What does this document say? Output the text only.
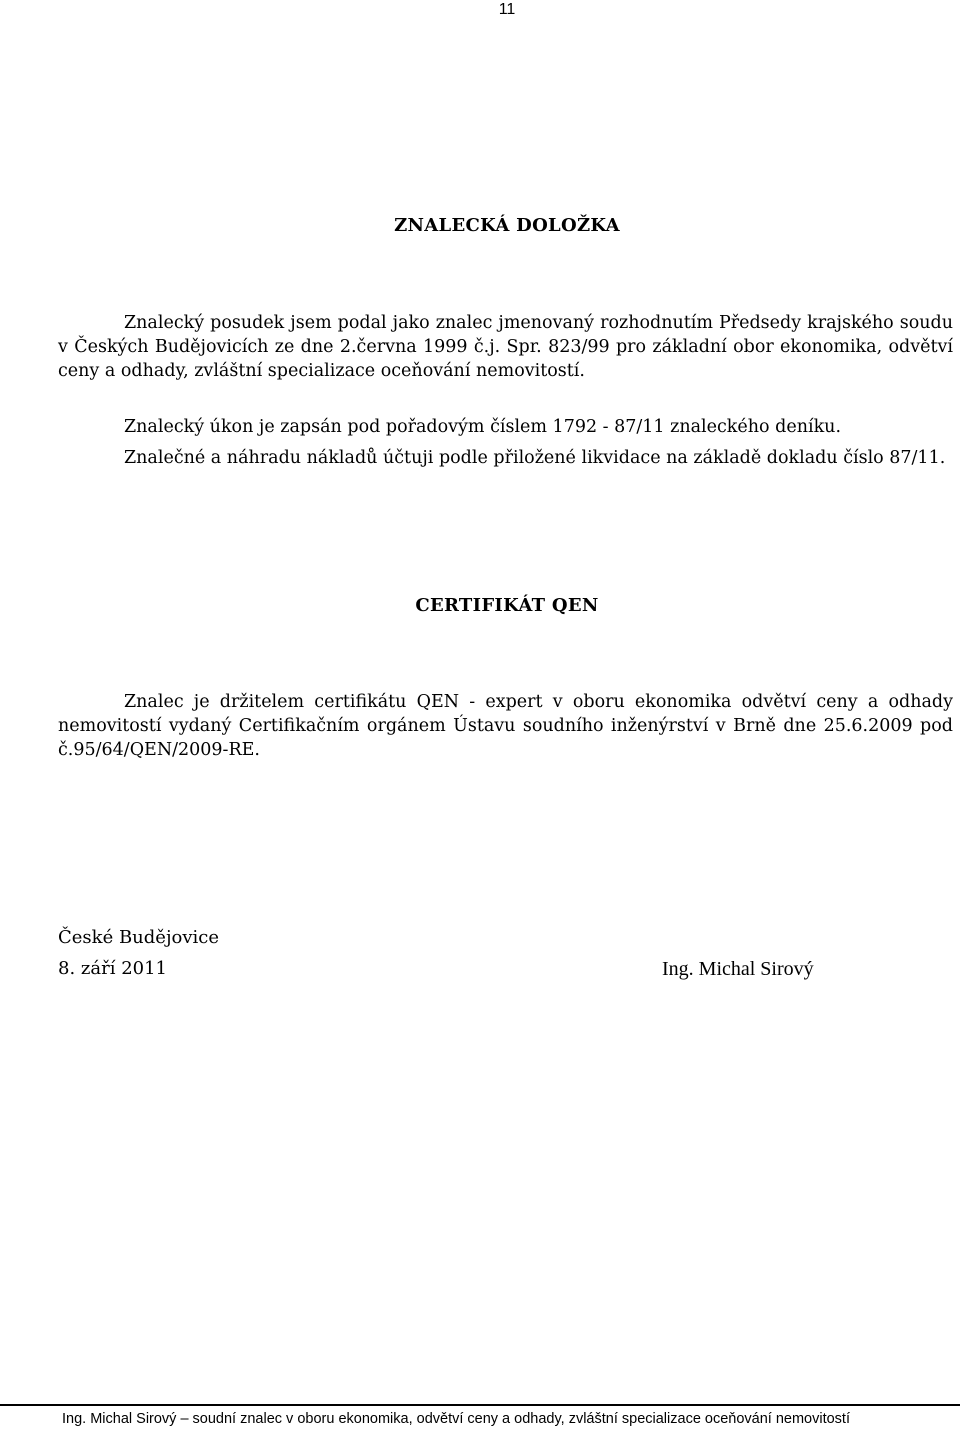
11
ZNALECKÁ DOLOŽKA

Znalecký posudek jsem podal jako znalec jmenovaný rozhodnutím Předsedy krajského soudu v Českých Budějovicích ze dne 2.června 1999 č.j. Spr. 823/99 pro základní obor ekonomika, odvětví ceny a odhady, zvláštní specializace oceňování nemovitostí.

Znalecký úkon je zapsán pod pořadovým číslem 1792 - 87/11 znaleckého deníku.

Znalečné a náhradu nákladů účtuji podle přiložené likvidace na základě dokladu číslo 87/11.

CERTIFIKÁT QEN

Znalec je držitelem certifikátu QEN - expert v oboru ekonomika odvětví ceny a odhady nemovitostí vydaný Certifikačním orgánem Ústavu soudního inženýrství v Brně dne 25.6.2009 pod č.95/64/QEN/2009-RE.

České Budějovice
8. září 2011	Ing. Michal Sirový
Ing. Michal Sirový – soudní znalec v oboru ekonomika, odvětví ceny a odhady, zvláštní specializace oceňování nemovitostí
